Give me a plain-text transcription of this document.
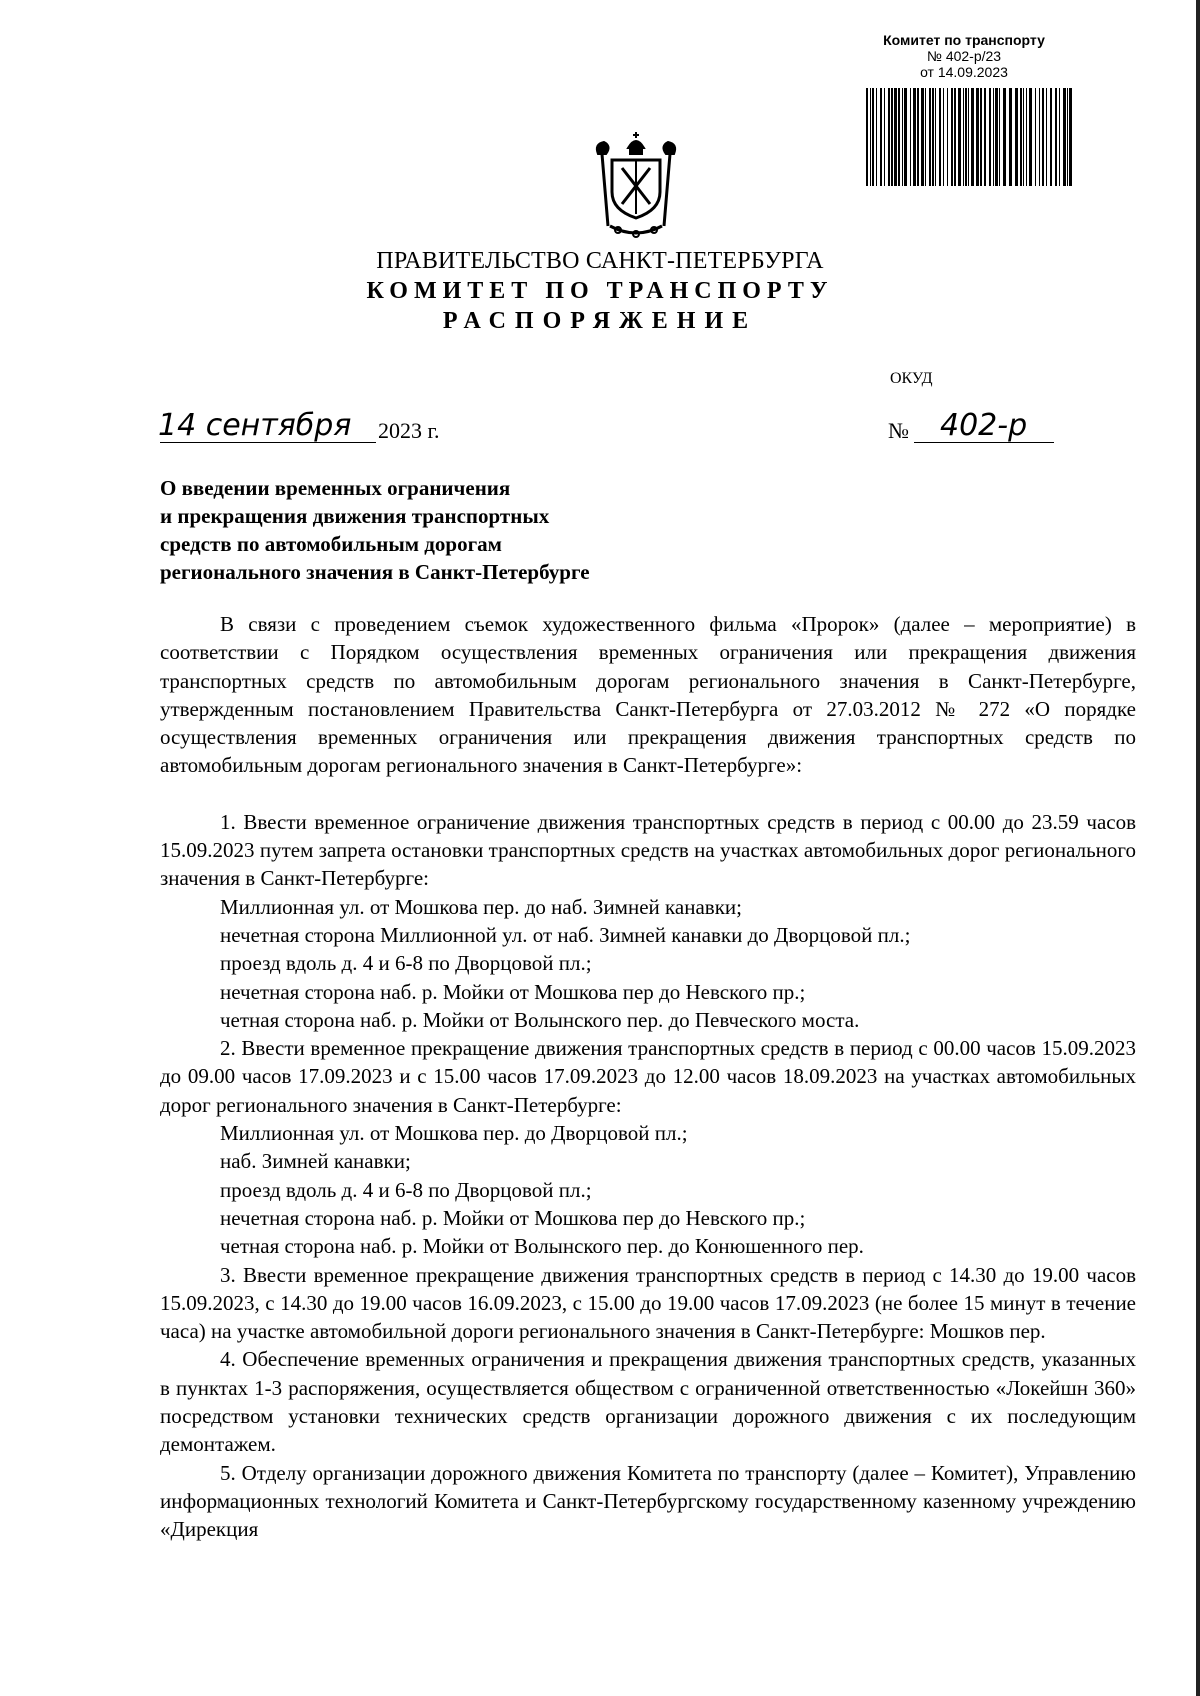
Комитет по транспорту
№ 402-р/23
от 14.09.2023
ПРАВИТЕЛЬСТВО САНКТ-ПЕТЕРБУРГА
КОМИТЕТ ПО ТРАНСПОРТУ
РАСПОРЯЖЕНИЕ
ОКУД
14 сентября 2023 г.	№ 402-р
О введении временных ограничения
и прекращения движения транспортных
средств по автомобильным дорогам
регионального значения в Санкт-Петербурге

В связи с проведением съемок художественного фильма «Пророк» (далее – мероприятие) в соответствии с Порядком осуществления временных ограничения или прекращения движения транспортных средств по автомобильным дорогам регионального значения в Санкт-Петербурге, утвержденным постановлением Правительства Санкт-Петербурга от 27.03.2012 № 272 «О порядке осуществления временных ограничения или прекращения движения транспортных средств по автомобильным дорогам регионального значения в Санкт-Петербурге»:

1. Ввести временное ограничение движения транспортных средств в период с 00.00 до 23.59 часов 15.09.2023 путем запрета остановки транспортных средств на участках автомобильных дорог регионального значения в Санкт-Петербурге:

Миллионная ул. от Мошкова пер. до наб. Зимней канавки;

нечетная сторона Миллионной ул. от наб. Зимней канавки до Дворцовой пл.;

проезд вдоль д. 4 и 6-8 по Дворцовой пл.;

нечетная сторона наб. р. Мойки от Мошкова пер до Невского пр.;

четная сторона наб. р. Мойки от Волынского пер. до Певческого моста.

2. Ввести временное прекращение движения транспортных средств в период с 00.00 часов 15.09.2023 до 09.00 часов 17.09.2023 и с 15.00 часов 17.09.2023 до 12.00 часов 18.09.2023 на участках автомобильных дорог регионального значения в Санкт-Петербурге:

Миллионная ул. от Мошкова пер. до Дворцовой пл.;

наб. Зимней канавки;

проезд вдоль д. 4 и 6-8 по Дворцовой пл.;

нечетная сторона наб. р. Мойки от Мошкова пер до Невского пр.;

четная сторона наб. р. Мойки от Волынского пер. до Конюшенного пер.

3. Ввести временное прекращение движения транспортных средств в период с 14.30 до 19.00 часов 15.09.2023, с 14.30 до 19.00 часов 16.09.2023, с 15.00 до 19.00 часов 17.09.2023 (не более 15 минут в течение часа) на участке автомобильной дороги регионального значения в Санкт-Петербурге: Мошков пер.

4. Обеспечение временных ограничения и прекращения движения транспортных средств, указанных в пунктах 1-3 распоряжения, осуществляется обществом с ограниченной ответственностью «Локейшн 360» посредством установки технических средств организации дорожного движения с их последующим демонтажем.

5. Отделу организации дорожного движения Комитета по транспорту (далее – Комитет), Управлению информационных технологий Комитета и Санкт-Петербургскому государственному казенному учреждению «Дирекция
